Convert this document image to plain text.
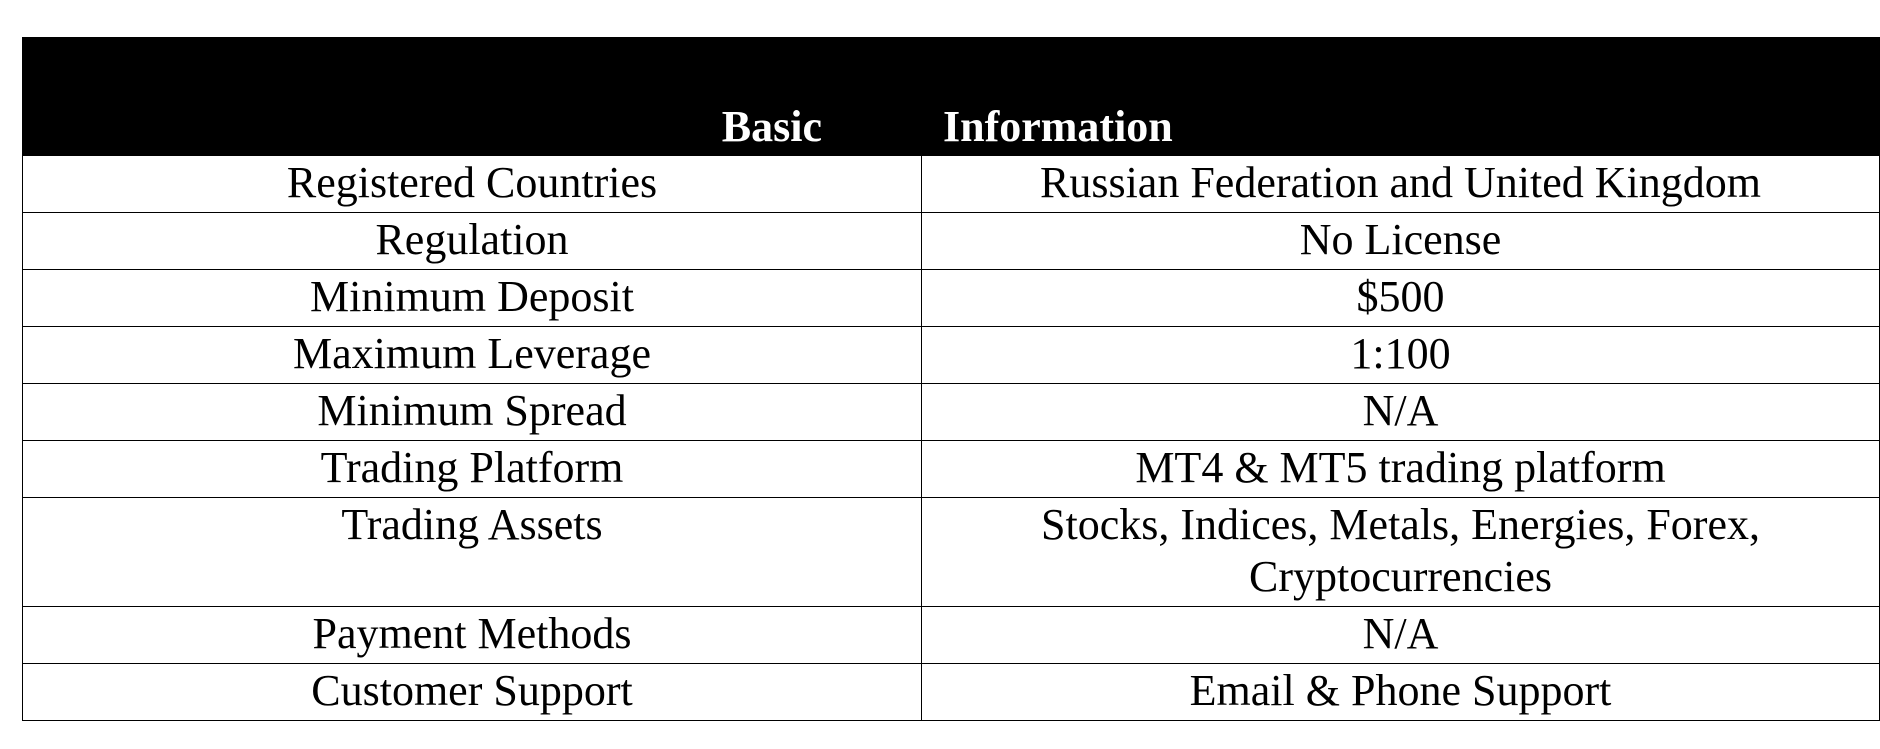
Basic	Information
Registered Countries	Russian Federation and United Kingdom
Regulation	No License
Minimum Deposit	$500
Maximum Leverage	1:100
Minimum Spread	N/A
Trading Platform	MT4 & MT5 trading platform
Trading Assets	Stocks, Indices, Metals, Energies, Forex,
Cryptocurrencies
Payment Methods	N/A
Customer Support	Email & Phone Support
